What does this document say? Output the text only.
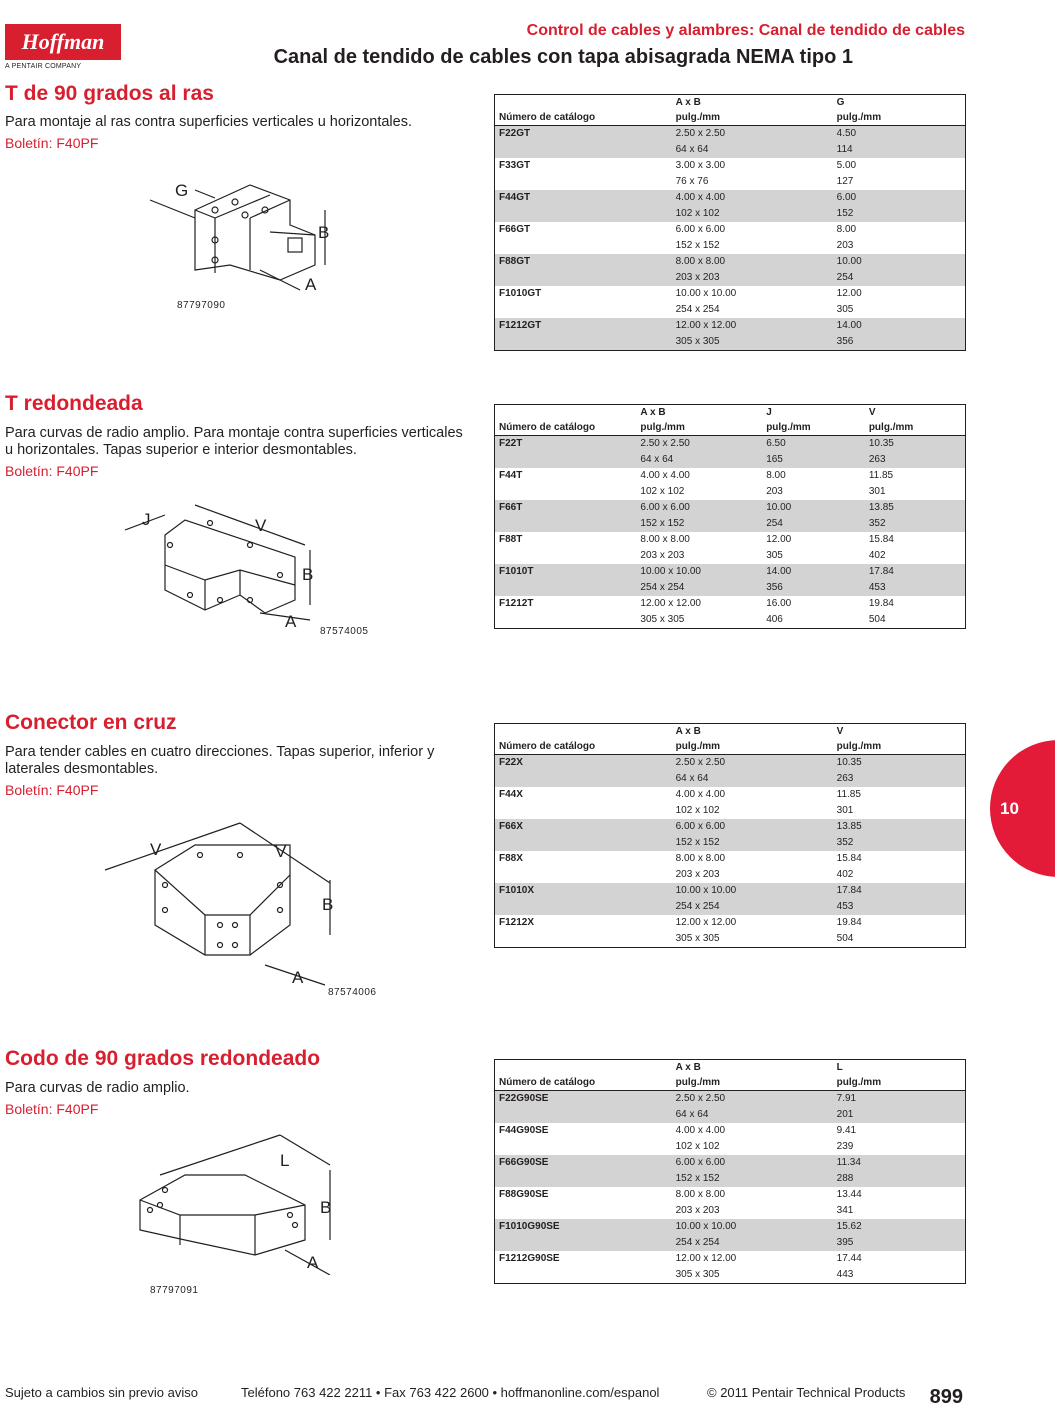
Hoffman
A PENTAIR COMPANY
Control de cables y alambres: Canal de tendido de cables
Canal de tendido de cables con tapa abisagrada NEMA tipo 1
T de 90 grados al ras
Para montaje al ras contra superficies verticales u horizontales.
Boletín: F40PF
G
B
A
87797090
	A x B	G
Número de catálogo	pulg./mm	pulg./mm
F22GT	2.50 x 2.50	4.50
	64 x 64	114
F33GT	3.00 x 3.00	5.00
	76 x 76	127
F44GT	4.00 x 4.00	6.00
	102 x 102	152
F66GT	6.00 x 6.00	8.00
	152 x 152	203
F88GT	8.00 x 8.00	10.00
	203 x 203	254
F1010GT	10.00 x 10.00	12.00
	254 x 254	305
F1212GT	12.00 x 12.00	14.00
	305 x 305	356
T redondeada
Para curvas de radio amplio. Para montaje contra superficies verticales u horizontales. Tapas superior e interior desmontables.
Boletín: F40PF
J	V
B
A
87574005
	A x B	J	V
Número de catálogo	pulg./mm	pulg./mm	pulg./mm
F22T	2.50 x 2.50	6.50	10.35
	64 x 64	165	263
F44T	4.00 x 4.00	8.00	11.85
	102 x 102	203	301
F66T	6.00 x 6.00	10.00	13.85
	152 x 152	254	352
F88T	8.00 x 8.00	12.00	15.84
	203 x 203	305	402
F1010T	10.00 x 10.00	14.00	17.84
	254 x 254	356	453
F1212T	12.00 x 12.00	16.00	19.84
	305 x 305	406	504
Conector en cruz
Para tender cables en cuatro direcciones. Tapas superior, inferior y laterales desmontables.
Boletín: F40PF
V	V
B
A
87574006
	A x B	V
Número de catálogo	pulg./mm	pulg./mm
F22X	2.50 x 2.50	10.35
	64 x 64	263
F44X	4.00 x 4.00	11.85
	102 x 102	301
F66X	6.00 x 6.00	13.85
	152 x 152	352
F88X	8.00 x 8.00	15.84
	203 x 203	402
F1010X	10.00 x 10.00	17.84
	254 x 254	453
F1212X	12.00 x 12.00	19.84
	305 x 305	504
Codo de 90 grados redondeado
Para curvas de radio amplio.
Boletín: F40PF
L
B
A
87797091
	A x B	L
Número de catálogo	pulg./mm	pulg./mm
F22G90SE	2.50 x 2.50	7.91
	64 x 64	201
F44G90SE	4.00 x 4.00	9.41
	102 x 102	239
F66G90SE	6.00 x 6.00	11.34
	152 x 152	288
F88G90SE	8.00 x 8.00	13.44
	203 x 203	341
F1010G90SE	10.00 x 10.00	15.62
	254 x 254	395
F1212G90SE	12.00 x 12.00	17.44
	305 x 305	443
10
Sujeto a cambios sin previo aviso	Teléfono 763 422 2211 • Fax 763 422 2600 • hoffmanonline.com/espanol	© 2011 Pentair Technical Products 899
